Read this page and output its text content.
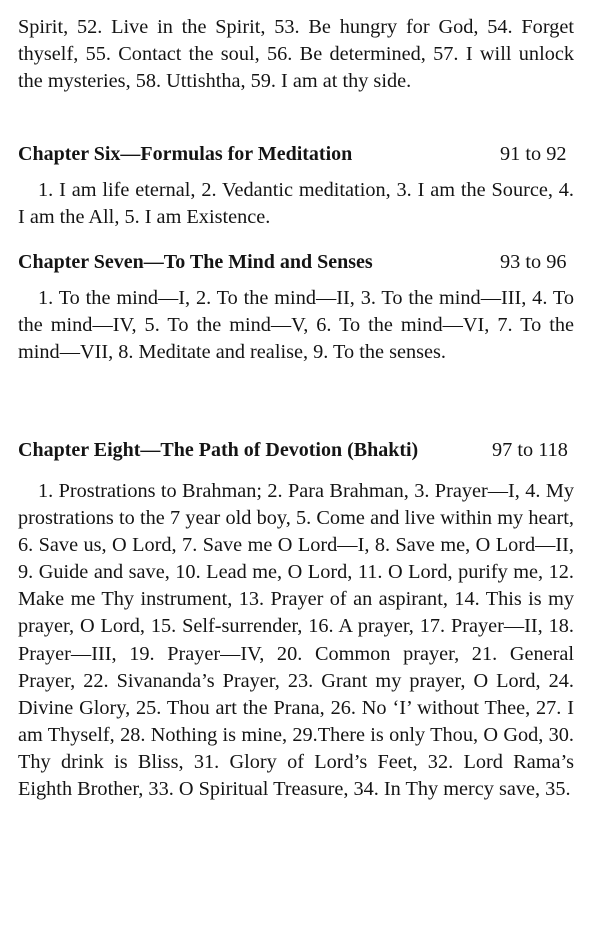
Spirit, 52. Live in the Spirit, 53. Be hungry for God, 54. Forget thyself, 55. Contact the soul, 56. Be determined, 57. I will unlock the mysteries, 58. Uttishtha, 59. I am at thy side.

Chapter Six—Formulas for Meditation	91 to 92

1. I am life eternal, 2. Vedantic meditation, 3. I am the Source, 4. I am the All, 5. I am Existence.

Chapter Seven—To The Mind and Senses	93 to 96

1. To the mind—I, 2. To the mind—II, 3. To the mind—III, 4. To the mind—IV, 5. To the mind—V, 6. To the mind—VI, 7. To the mind—VII, 8. Meditate and realise, 9. To the senses.

Chapter Eight—The Path of Devotion (Bhakti)	97 to 118

1. Prostrations to Brahman; 2. Para Brahman, 3. Prayer—I, 4. My prostrations to the 7 year old boy, 5. Come and live within my heart, 6. Save us, O Lord, 7. Save me O Lord—I, 8. Save me, O Lord—II, 9. Guide and save, 10. Lead me, O Lord, 11. O Lord, purify me, 12. Make me Thy instrument, 13. Prayer of an aspirant, 14. This is my prayer, O Lord, 15. Self-surrender, 16. A prayer, 17. Prayer—II, 18. Prayer—III, 19. Prayer—IV, 20. Common prayer, 21. General Prayer, 22. Sivananda’s Prayer, 23. Grant my prayer, O Lord, 24. Divine Glory, 25. Thou art the Prana, 26. No ‘I’ without Thee, 27. I am Thyself, 28. Nothing is mine, 29.There is only Thou, O God, 30. Thy drink is Bliss, 31. Glory of Lord’s Feet, 32. Lord Rama’s Eighth Brother, 33. O Spiritual Treasure, 34. In Thy mercy save, 35.
